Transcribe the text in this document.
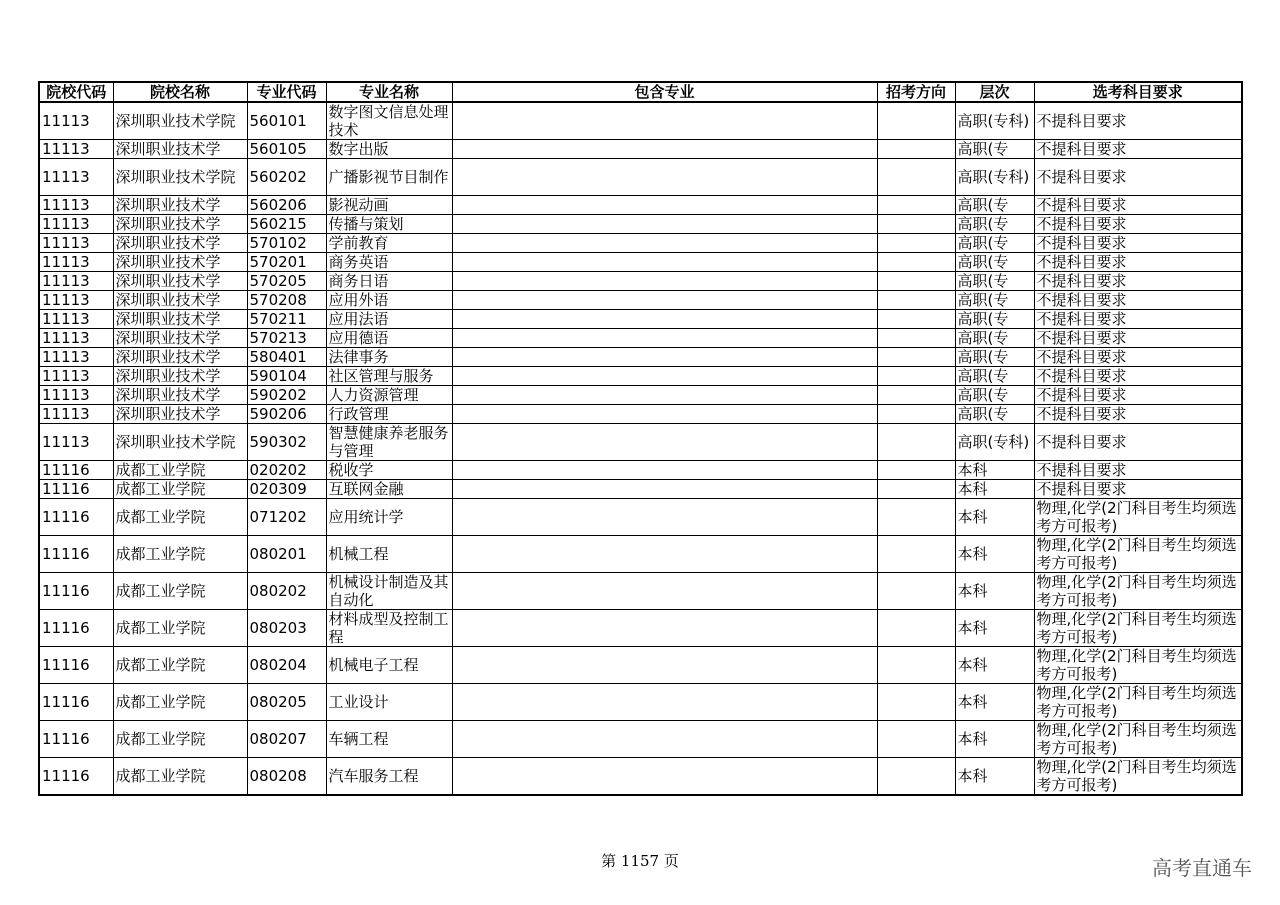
院校代码	院校名称	专业代码	专业名称	包含专业	招考方向	层次	选考科目要求
11113	深圳职业技术学院	560101	数字图文信息处理技术			高职(专科)	不提科目要求
11113	深圳职业技术学	560105	数字出版			高职(专	不提科目要求
11113	深圳职业技术学院	560202	广播影视节目制作			高职(专科)	不提科目要求
11113	深圳职业技术学	560206	影视动画			高职(专	不提科目要求
11113	深圳职业技术学	560215	传播与策划			高职(专	不提科目要求
11113	深圳职业技术学	570102	学前教育			高职(专	不提科目要求
11113	深圳职业技术学	570201	商务英语			高职(专	不提科目要求
11113	深圳职业技术学	570205	商务日语			高职(专	不提科目要求
11113	深圳职业技术学	570208	应用外语			高职(专	不提科目要求
11113	深圳职业技术学	570211	应用法语			高职(专	不提科目要求
11113	深圳职业技术学	570213	应用德语			高职(专	不提科目要求
11113	深圳职业技术学	580401	法律事务			高职(专	不提科目要求
11113	深圳职业技术学	590104	社区管理与服务			高职(专	不提科目要求
11113	深圳职业技术学	590202	人力资源管理			高职(专	不提科目要求
11113	深圳职业技术学	590206	行政管理			高职(专	不提科目要求
11113	深圳职业技术学院	590302	智慧健康养老服务与管理			高职(专科)	不提科目要求
11116	成都工业学院	020202	税收学			本科	不提科目要求
11116	成都工业学院	020309	互联网金融			本科	不提科目要求
11116	成都工业学院	071202	应用统计学			本科	物理,化学(2门科目考生均须选考方可报考)
11116	成都工业学院	080201	机械工程			本科	物理,化学(2门科目考生均须选考方可报考)
11116	成都工业学院	080202	机械设计制造及其自动化			本科	物理,化学(2门科目考生均须选考方可报考)
11116	成都工业学院	080203	材料成型及控制工程			本科	物理,化学(2门科目考生均须选考方可报考)
11116	成都工业学院	080204	机械电子工程			本科	物理,化学(2门科目考生均须选考方可报考)
11116	成都工业学院	080205	工业设计			本科	物理,化学(2门科目考生均须选考方可报考)
11116	成都工业学院	080207	车辆工程			本科	物理,化学(2门科目考生均须选考方可报考)
11116	成都工业学院	080208	汽车服务工程			本科	物理,化学(2门科目考生均须选考方可报考)
第 1157 页	高考直通车
